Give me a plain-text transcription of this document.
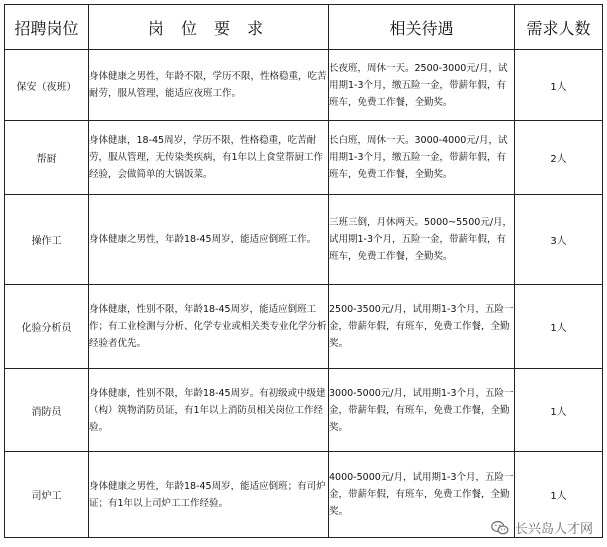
招聘岗位	岗 位 要 求	相关待遇	需求人数
保安（夜班）	身体健康之男性，年龄不限，学历不限，性格稳重，吃苦耐劳，服从管理，能适应夜班工作。	长夜班，周休一天。2500-3000元/月，试用期1-3个月，缴五险一金，带薪年假，有班车，免费工作餐，全勤奖。	1人
帮厨	身体健康，18-45周岁，学历不限，性格稳重，吃苦耐劳，服从管理，无传染类疾病，有1年以上食堂帮厨工作经验，会做简单的大锅饭菜。	长白班，周休一天。3000-4000元/月，试用期1-3个月，缴五险一金，带薪年假，有班车，免费工作餐，全勤奖。	2人
操作工	身体健康之男性，年龄18-45周岁，能适应倒班工作。	三班三倒，月休两天。5000~5500元/月，试用期1-3个月，五险一金，带薪年假，有班车，免费工作餐，全勤奖。	3人
化验分析员	身体健康，性别不限，年龄18-45周岁，能适应倒班工作；有工业检测与分析、化学专业或相关类专业化学分析经验者优先。	2500-3500元/月，试用期1-3个月，五险一金，带薪年假，有班车，免费工作餐，全勤奖。	1人
消防员	身体健康，性别不限，年龄18-45周岁。有初级或中级建（构）筑物消防员证，有1年以上消防员相关岗位工作经验。	3000-5000元/月，试用期1-3个月，五险一金，带薪年假，有班车，免费工作餐，全勤奖。	1人
司炉工	身体健康之男性，年龄18-45周岁，能适应倒班；有司炉证；有1年以上司炉工工作经验。	4000-5000元/月，试用期1-3个月，五险一金，带薪年假，有班车，免费工作餐，全勤奖。	1人
长兴岛人才网
